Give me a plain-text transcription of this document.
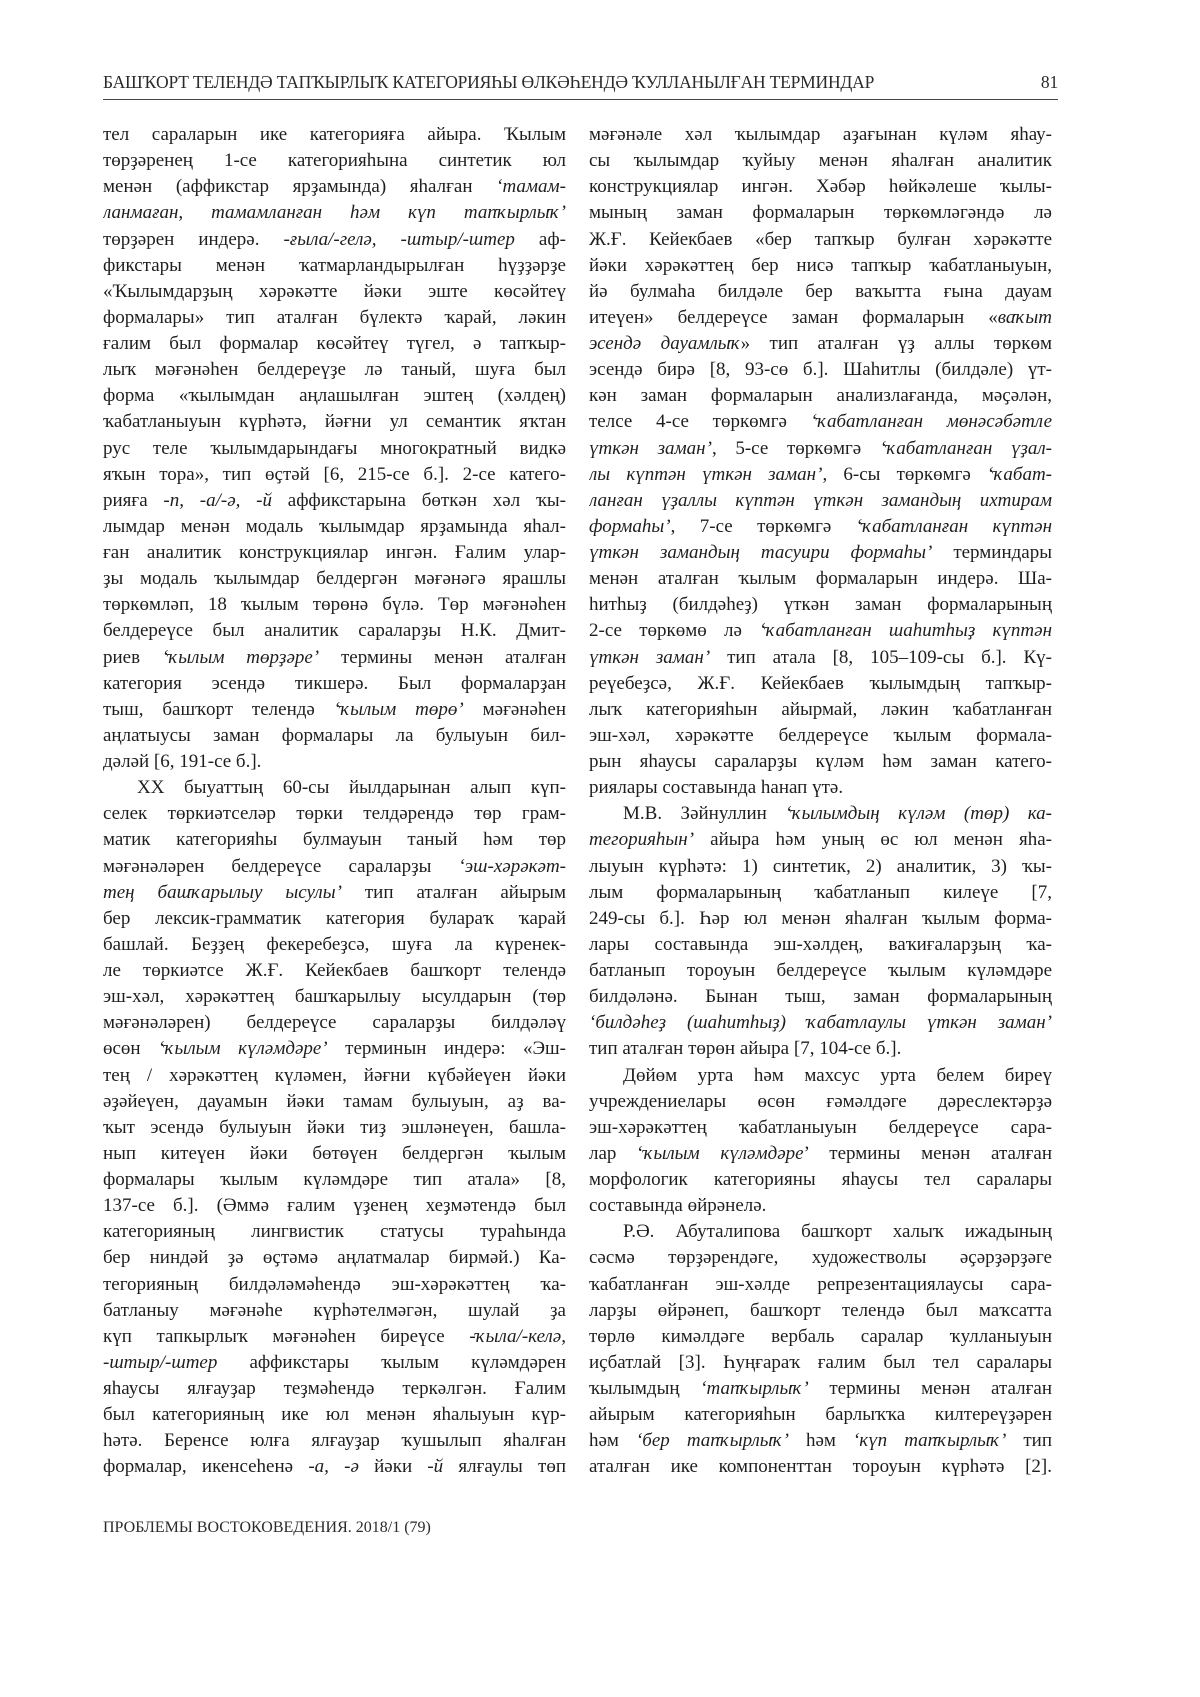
БАШҠОРТ ТЕЛЕНДӘ ТАПҠЫРЛЫҠ КАТЕГОРИЯҺЫ ӨЛКӘҺЕНДӘ ҠУЛЛАНЫЛҒАН ТЕРМИНДАР	81
тел сараларын ике категорияға айыра. Ҡылым
төрҙәренең 1-се категорияһына синтетик юл
менән (аффикстар ярҙамында) яһалған ‘тамам-
ланмаған, тамамланған һәм күп тапҡырлыҡ’
төрҙәрен индерә. -ғыла/-гелә, -штыр/-штер аф-
фикстары менән ҡатмарландырылған һүҙҙәрҙе
«Ҡылымдарҙың хәрәкәтте йәки эште көсәйтеү
формалары» тип аталған бүлектә ҡарай, ләкин
ғалим был формалар көсәйтеү түгел, ә тапҡыр-
лыҡ мәғәнәһен белдереүҙе лә таный, шуға был
форма «ҡылымдан аңлашылған эштең (хәлдең)
ҡабатланыуын күрһәтә, йәғни ул семантик яҡтан
рус теле ҡылымдарындағы многократный видкә
яҡын тора», тип өҫтәй [6, 215-се б.]. 2-се катего-
рияға -п, -а/-ә, -й аффикстарына бөткән хәл ҡы-
лымдар менән модаль ҡылымдар ярҙамында яһал-
ған аналитик конструкциялар ингән. Ғалим улар-
ҙы модаль ҡылымдар белдергән мәғәнәгә ярашлы
төркөмләп, 18 ҡылым төрөнә бүлә. Төр мәғәнәһен
белдереүсе был аналитик сараларҙы Н.К. Дмит-
риев ‘ҡылым төрҙәре’ термины менән аталған
категория эсендә тикшерә. Был формаларҙан
тыш, башҡорт телендә ‘ҡылым төрө’ мәғәнәһен
аңлатыусы заман формалары ла булыуын бил-
дәләй [6, 191-се б.].
XX быуаттың 60-сы йылдарынан алып күп-
селек төркиәтселәр төрки телдәрендә төр грам-
матик категорияһы булмауын таный һәм төр
мәғәнәләрен белдереүсе сараларҙы ‘эш-хәрәкәт-
тең башҡарылыу ысулы’ тип аталған айырым
бер лексик-грамматик категория булараҡ ҡарай
башлай. Беҙҙең фекеребеҙсә, шуға ла күренек-
ле төркиәтсе Ж.Ғ. Кейекбаев башҡорт телендә
эш-хәл, хәрәкәттең башҡарылыу ысулдарын (төр
мәғәнәләрен) белдереүсе сараларҙы билдәләү
өсөн ‘ҡылым күләмдәре’ терминын индерә: «Эш-
тең / хәрәкәттең күләмен, йәғни күбәйеүен йәки
әҙәйеүен, дауамын йәки тамам булыуын, аҙ ва-
ҡыт эсендә булыуын йәки тиҙ эшләнеүен, башла-
нып китеүен йәки бөтөүен белдергән ҡылым
формалары ҡылым күләмдәре тип атала» [8,
137-се б.]. (Әммә ғалим үҙенең хеҙмәтендә был
категорияның лингвистик статусы тураһында
бер ниндәй ҙә өҫтәмә аңлатмалар бирмәй.) Ка-
тегорияның билдәләмәһендә эш-хәрәкәттең ҡа-
батланыу мәғәнәһе күрһәтелмәгән, шулай ҙа
күп тапкырлыҡ мәғәнәһен биреүсе -ҡыла/-келә,
-штыр/-штер аффикстары ҡылым күләмдәрен
яһаусы ялғауҙар теҙмәһендә теркәлгән. Ғалим
был категорияның ике юл менән яһалыуын күр-
һәтә. Беренсе юлға ялғауҙар ҡушылып яһалған
формалар, икенсеһенә -а, -ә йәки -й ялғаулы төп
мәғәнәле хәл ҡылымдар аҙағынан күләм яһау-
сы ҡылымдар ҡуйыу менән яһалған аналитик
конструкциялар ингән. Хәбәр һөйкәлеше ҡылы-
мының заман формаларын төркөмләгәндә лә
Ж.Ғ. Кейекбаев «бер тапҡыр булған хәрәкәтте
йәки хәрәкәттең бер нисә тапҡыр ҡабатланыуын,
йә булмаһа билдәле бер ваҡытта ғына дауам
итеүен» белдереүсе заман формаларын «ваҡыт
эсендә дауамлыҡ» тип аталған үҙ аллы төркөм
эсендә бирә [8, 93-сө б.]. Шаһитлы (билдәле) үт-
кән заман формаларын анализлағанда, мәҫәлән,
телсе 4-се төркөмгә ‘ҡабатланған мөнәсәбәтле
үткән заман’, 5-се төркөмгә ‘ҡабатланған үҙал-
лы күптән үткән заман’, 6-сы төркөмгә ‘ҡабат-
ланған үҙаллы күптән үткән замандың ихтирам
формаһы’, 7-се төркөмгә ‘ҡабатланған күптән
үткән замандың тасуири формаһы’ терминдары
менән аталған ҡылым формаларын индерә. Ша-
һитһыҙ (билдәһеҙ) үткән заман формаларының
2-се төркөмө лә ‘ҡабатланған шаһитһыҙ күптән
үткән заман’ тип атала [8, 105–109-сы б.]. Кү-
реүебеҙсә, Ж.Ғ. Кейекбаев ҡылымдың тапҡыр-
лыҡ категорияһын айырмай, ләкин ҡабатланған
эш-хәл, хәрәкәтте белдереүсе ҡылым формала-
рын яһаусы сараларҙы күләм һәм заман катего-
риялары составында һанап үтә.
М.В. Зәйнуллин ‘ҡылымдың күләм (төр) ка-
тегорияһын’ айыра һәм уның өс юл менән яһа-
лыуын күрһәтә: 1) синтетик, 2) аналитик, 3) ҡы-
лым формаларының ҡабатланып килеүе [7,
249-сы б.]. Һәр юл менән яһалған ҡылым форма-
лары составында эш-хәлдең, ваҡиғаларҙың ҡа-
батланып тороуын белдереүсе ҡылым күләмдәре
билдәләнә. Бынан тыш, заман формаларының
‘билдәһеҙ (шаһитһыҙ) ҡабатлаулы үткән заман’
тип аталған төрөн айыра [7, 104-се б.].
Дөйөм урта һәм махсус урта белем биреү
учреждениелары өсөн ғәмәлдәге дәреслектәрҙә
эш-хәрәкәттең ҡабатланыуын белдереүсе сара-
лар ‘ҡылым күләмдәре’ термины менән аталған
морфологик категорияны яһаусы тел саралары
составында өйрәнелә.
Р.Ә. Абуталипова башҡорт халыҡ ижадының
сәсмә төрҙәрендәге, художестволы әҫәрҙәрҙәге
ҡабатланған эш-хәлде репрезентациялаусы сара-
ларҙы өйрәнеп, башҡорт телендә был маҡсатта
төрлө кимәлдәге вербаль саралар ҡулланыуын
иҫбатлай [3]. Һуңғараҡ ғалим был тел саралары
ҡылымдың ‘тапҡырлыҡ’ термины менән аталған
айырым категорияһын барлыҡҡа килтереүҙәрен
һәм ‘бер тапҡырлыҡ’ һәм ‘күп тапҡырлыҡ’ тип
аталған ике компоненттан тороуын күрһәтә [2].
ПРОБЛЕМЫ ВОСТОКОВЕДЕНИЯ. 2018/1 (79)
